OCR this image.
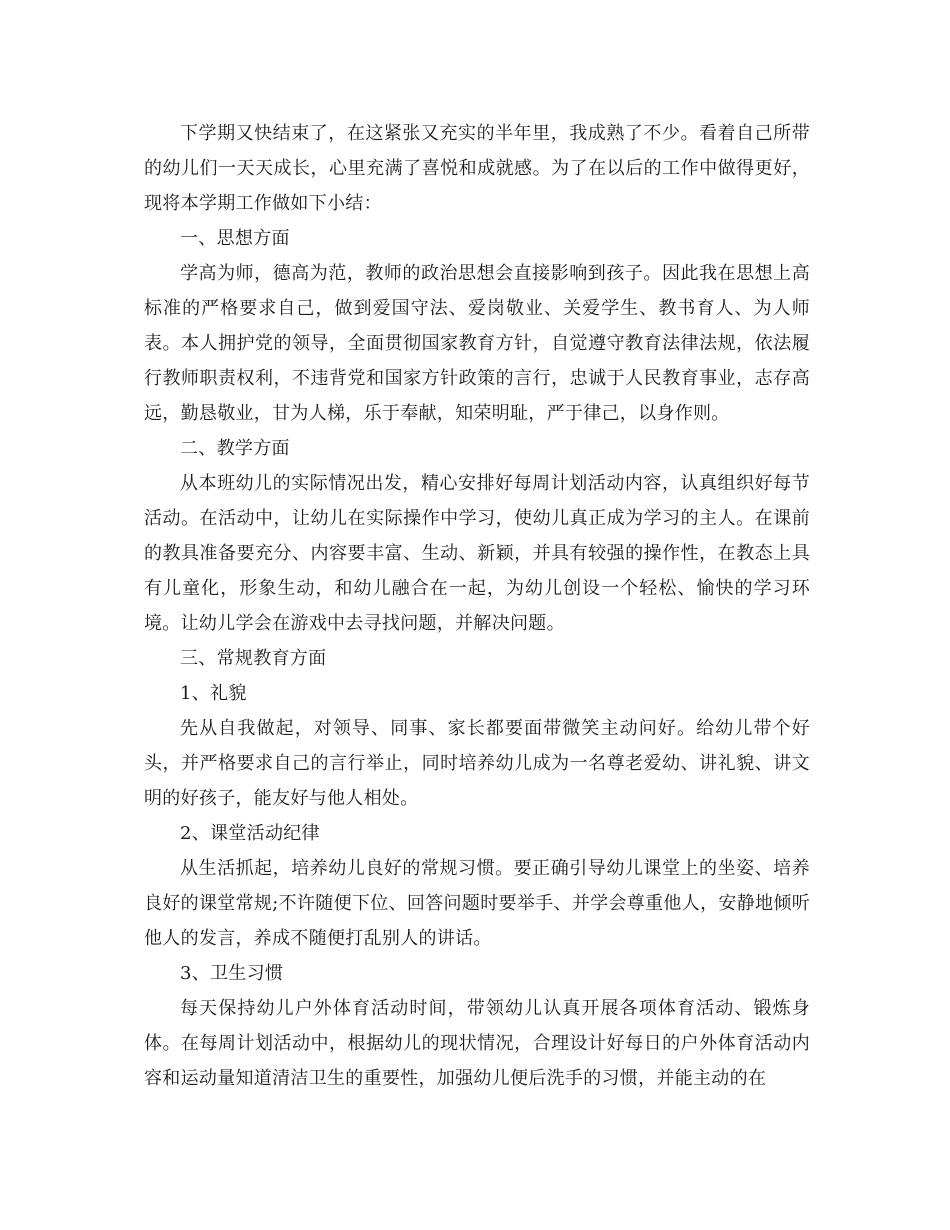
下学期又快结束了，在这紧张又充实的半年里，我成熟了不少。看着自己所带的幼儿们一天天成长，心里充满了喜悦和成就感。为了在以后的工作中做得更好，现将本学期工作做如下小结：

一、思想方面

学高为师，德高为范，教师的政治思想会直接影响到孩子。因此我在思想上高标准的严格要求自己，做到爱国守法、爱岗敬业、关爱学生、教书育人、为人师表。本人拥护党的领导，全面贯彻国家教育方针，自觉遵守教育法律法规，依法履行教师职责权利，不违背党和国家方针政策的言行，忠诚于人民教育事业，志存高远，勤恳敬业，甘为人梯，乐于奉献，知荣明耻，严于律己，以身作则。

二、教学方面

从本班幼儿的实际情况出发，精心安排好每周计划活动内容，认真组织好每节活动。在活动中，让幼儿在实际操作中学习，使幼儿真正成为学习的主人。在课前的教具准备要充分、内容要丰富、生动、新颖，并具有较强的操作性，在教态上具有儿童化，形象生动，和幼儿融合在一起，为幼儿创设一个轻松、愉快的学习环境。让幼儿学会在游戏中去寻找问题，并解决问题。

三、常规教育方面

1、礼貌

先从自我做起，对领导、同事、家长都要面带微笑主动问好。给幼儿带个好头，并严格要求自己的言行举止，同时培养幼儿成为一名尊老爱幼、讲礼貌、讲文明的好孩子，能友好与他人相处。

2、课堂活动纪律

从生活抓起，培养幼儿良好的常规习惯。要正确引导幼儿课堂上的坐姿、培养良好的课堂常规;不许随便下位、回答问题时要举手、并学会尊重他人，安静地倾听他人的发言，养成不随便打乱别人的讲话。

3、卫生习惯

每天保持幼儿户外体育活动时间，带领幼儿认真开展各项体育活动、锻炼身体。在每周计划活动中，根据幼儿的现状情况，合理设计好每日的户外体育活动内容和运动量知道清洁卫生的重要性，加强幼儿便后洗手的习惯，并能主动的在
